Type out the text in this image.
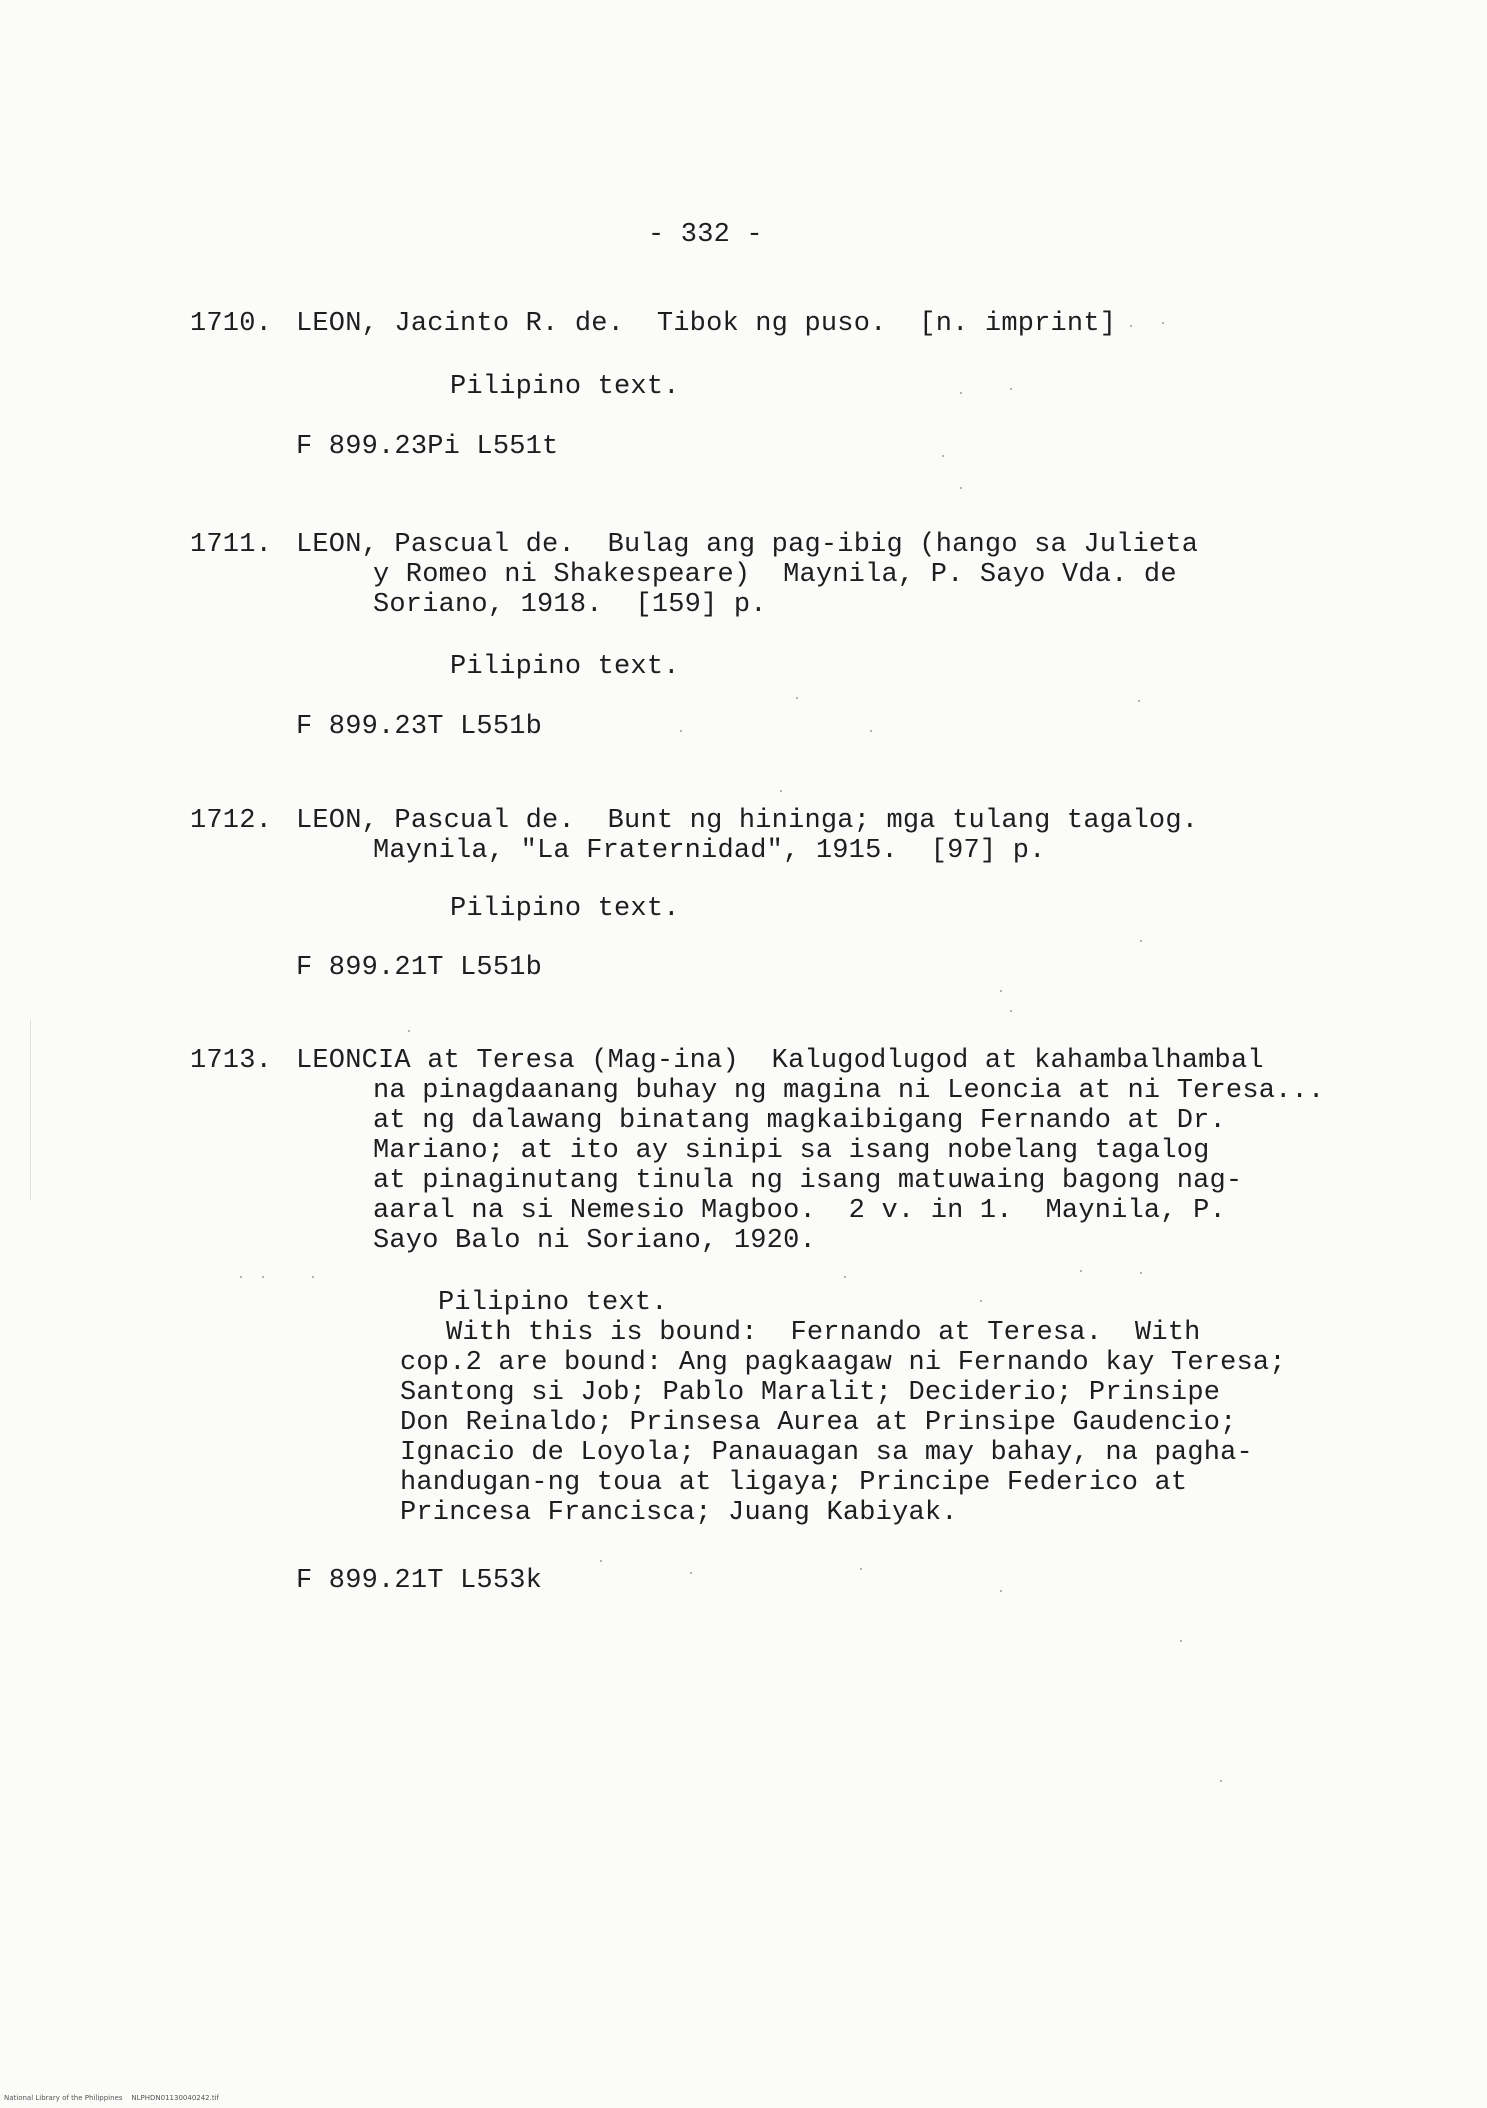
- 332 -
1710. LEON, Jacinto R. de.  Tibok ng puso.  [n. imprint]
Pilipino text.
F 899.23Pi L551t
1711. LEON, Pascual de.  Bulag ang pag-ibig (hango sa Julieta
y Romeo ni Shakespeare)  Maynila, P. Sayo Vda. de
Soriano, 1918.  [159] p.
Pilipino text.
F 899.23T L551b
1712. LEON, Pascual de.  Bunt ng hininga; mga tulang tagalog.
Maynila, "La Fraternidad", 1915.  [97] p.
Pilipino text.
F 899.21T L551b
1713. LEONCIA at Teresa (Mag-ina)  Kalugodlugod at kahambalhambal
na pinagdaanang buhay ng magina ni Leoncia at ni Teresa...
at ng dalawang binatang magkaibigang Fernando at Dr.
Mariano; at ito ay sinipi sa isang nobelang tagalog
at pinaginutang tinula ng isang matuwaing bagong nag-
aaral na si Nemesio Magboo.  2 v. in 1.  Maynila, P.
Sayo Balo ni Soriano, 1920.
Pilipino text.
With this is bound:  Fernando at Teresa.  With
cop.2 are bound: Ang pagkaagaw ni Fernando kay Teresa;
Santong si Job; Pablo Maralit; Deciderio; Prinsipe
Don Reinaldo; Prinsesa Aurea at Prinsipe Gaudencio;
Ignacio de Loyola; Panauagan sa may bahay, na pagha-
handugan-ng toua at ligaya; Principe Federico at
Princesa Francisca; Juang Kabiyak.
F 899.21T L553k
National Library of the Philippines    NLPHDN01130040242.tif
